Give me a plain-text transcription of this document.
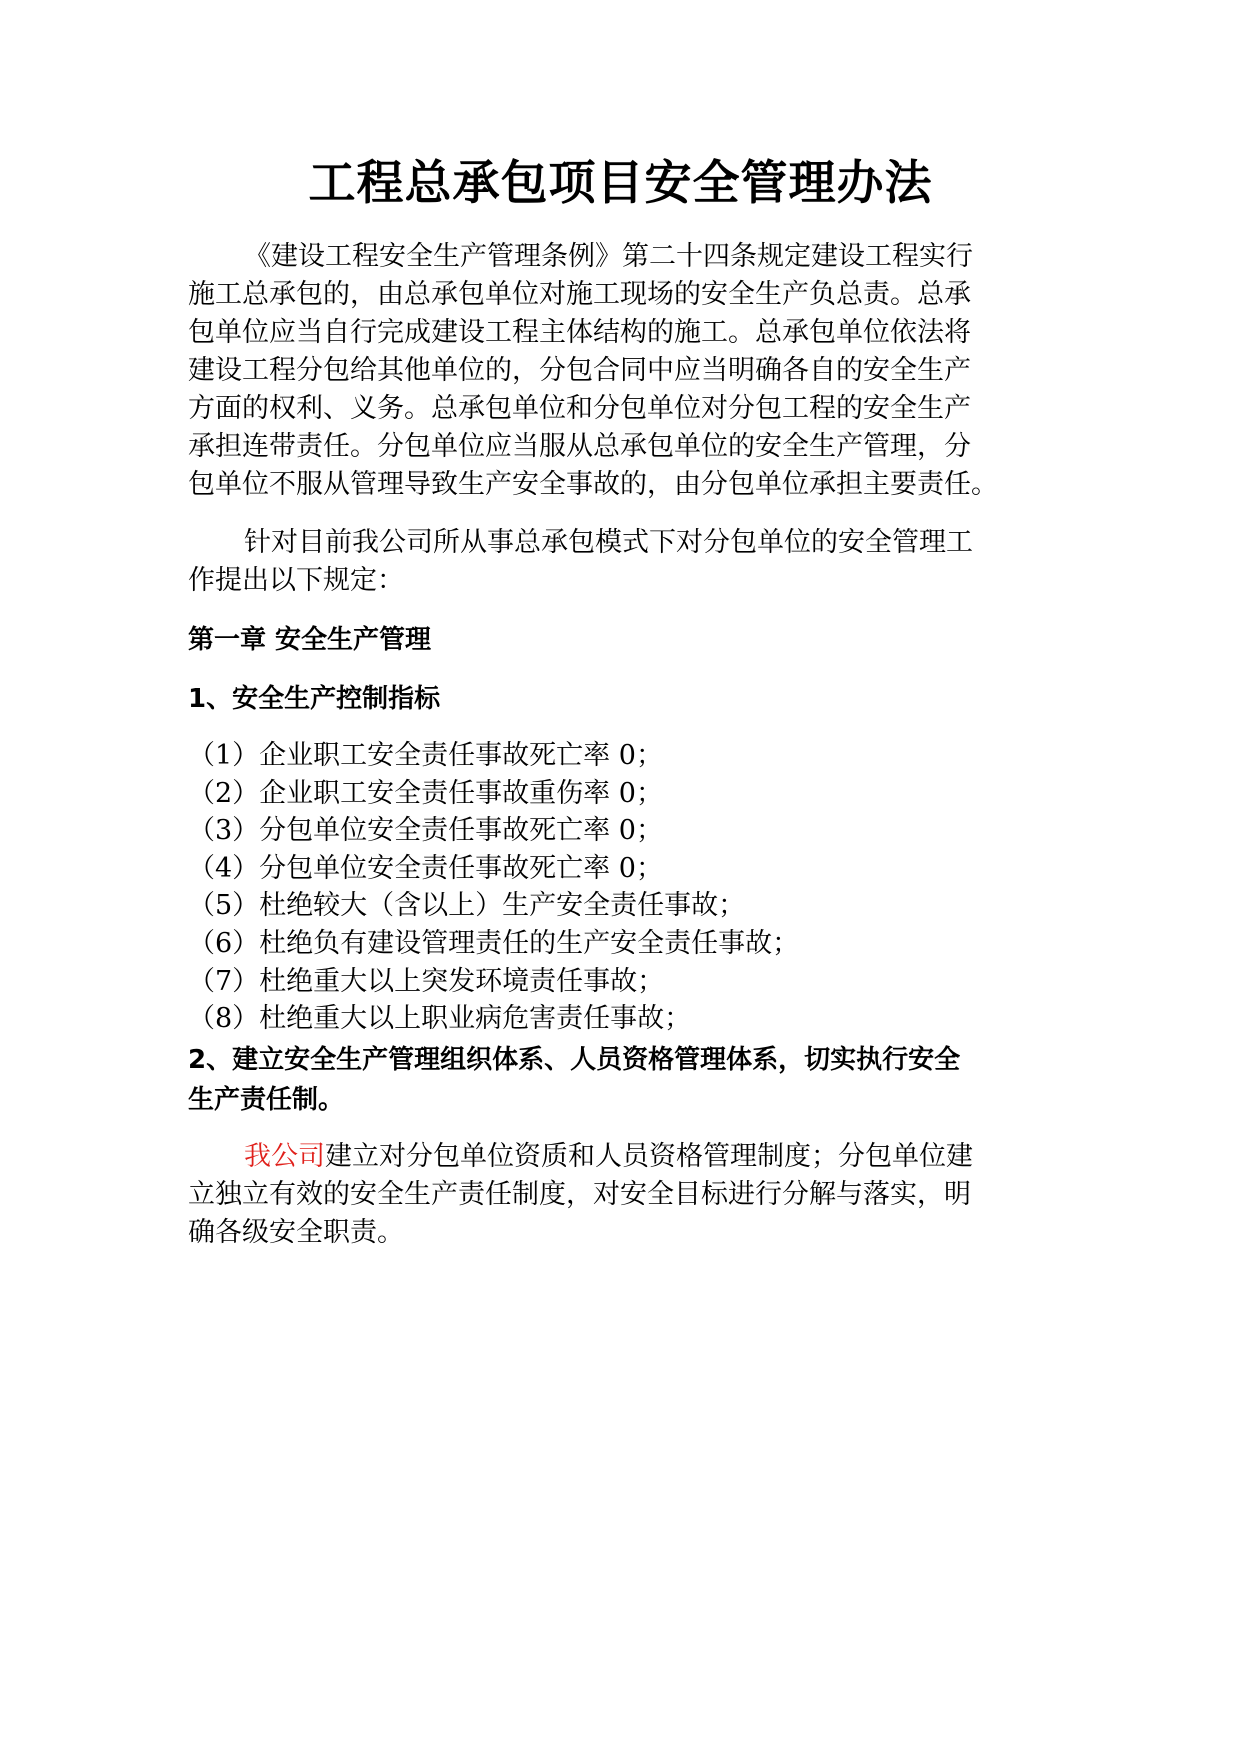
工程总承包项目安全管理办法

《建设工程安全生产管理条例》第二十四条规定建设工程实行
施工总承包的，由总承包单位对施工现场的安全生产负总责。总承
包单位应当自行完成建设工程主体结构的施工。总承包单位依法将
建设工程分包给其他单位的，分包合同中应当明确各自的安全生产
方面的权利、义务。总承包单位和分包单位对分包工程的安全生产
承担连带责任。分包单位应当服从总承包单位的安全生产管理，分
包单位不服从管理导致生产安全事故的，由分包单位承担主要责任。

针对目前我公司所从事总承包模式下对分包单位的安全管理工
作提出以下规定：

第一章 安全生产管理
1、安全生产控制指标
（1）企业职工安全责任事故死亡率 0；
（2）企业职工安全责任事故重伤率 0；
（3）分包单位安全责任事故死亡率 0；
（4）分包单位安全责任事故死亡率 0；
（5）杜绝较大（含以上）生产安全责任事故；
（6）杜绝负有建设管理责任的生产安全责任事故；
（7）杜绝重大以上突发环境责任事故；
（8）杜绝重大以上职业病危害责任事故；
2、建立安全生产管理组织体系、人员资格管理体系，切实执行安全
生产责任制。

我公司建立对分包单位资质和人员资格管理制度；分包单位建
立独立有效的安全生产责任制度，对安全目标进行分解与落实，明
确各级安全职责。
